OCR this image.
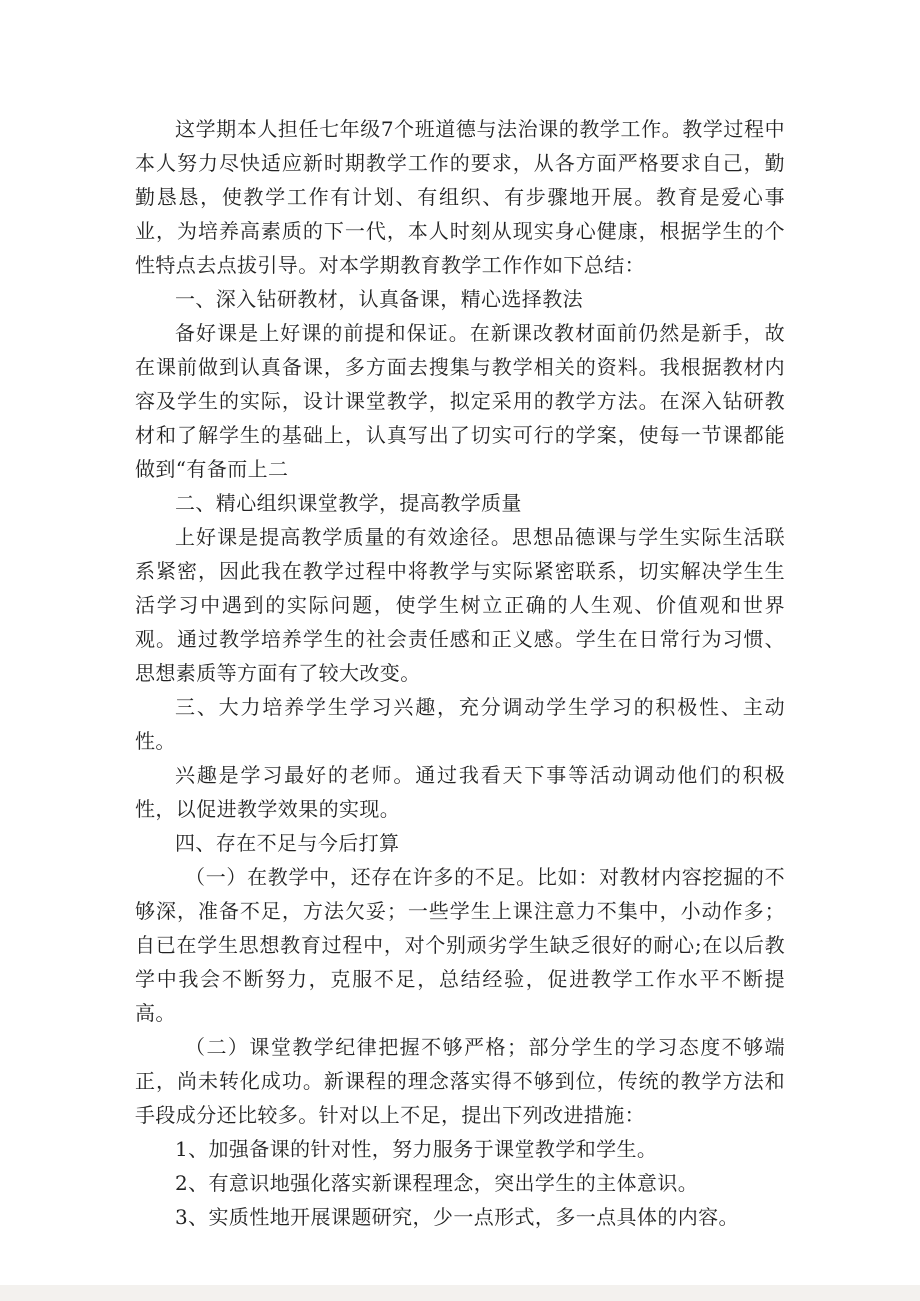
这学期本人担任七年级7个班道德与法治课的教学工作。教学过程中本人努力尽快适应新时期教学工作的要求，从各方面严格要求自己，勤勤恳恳，使教学工作有计划、有组织、有步骤地开展。教育是爱心事业，为培养高素质的下一代，本人时刻从现实身心健康，根据学生的个性特点去点拔引导。对本学期教育教学工作作如下总结：

一、深入钻研教材，认真备课，精心选择教法

备好课是上好课的前提和保证。在新课改教材面前仍然是新手，故在课前做到认真备课，多方面去搜集与教学相关的资料。我根据教材内容及学生的实际，设计课堂教学，拟定采用的教学方法。在深入钻研教材和了解学生的基础上，认真写出了切实可行的学案，使每一节课都能做到“有备而上二

二、精心组织课堂教学，提高教学质量

上好课是提高教学质量的有效途径。思想品德课与学生实际生活联系紧密，因此我在教学过程中将教学与实际紧密联系，切实解决学生生活学习中遇到的实际问题，使学生树立正确的人生观、价值观和世界观。通过教学培养学生的社会责任感和正义感。学生在日常行为习惯、思想素质等方面有了较大改变。

三、大力培养学生学习兴趣，充分调动学生学习的积极性、主动性。

兴趣是学习最好的老师。通过我看天下事等活动调动他们的积极性，以促进教学效果的实现。

四、存在不足与今后打算

（一）在教学中，还存在许多的不足。比如：对教材内容挖掘的不够深，准备不足，方法欠妥；一些学生上课注意力不集中，小动作多；自已在学生思想教育过程中，对个别顽劣学生缺乏很好的耐心;在以后教学中我会不断努力，克服不足，总结经验，促进教学工作水平不断提高。

（二）课堂教学纪律把握不够严格；部分学生的学习态度不够端正，尚未转化成功。新课程的理念落实得不够到位，传统的教学方法和手段成分还比较多。针对以上不足，提出下列改进措施：

1、加强备课的针对性，努力服务于课堂教学和学生。

2、有意识地强化落实新课程理念，突出学生的主体意识。

3、实质性地开展课题研究，少一点形式，多一点具体的内容。
